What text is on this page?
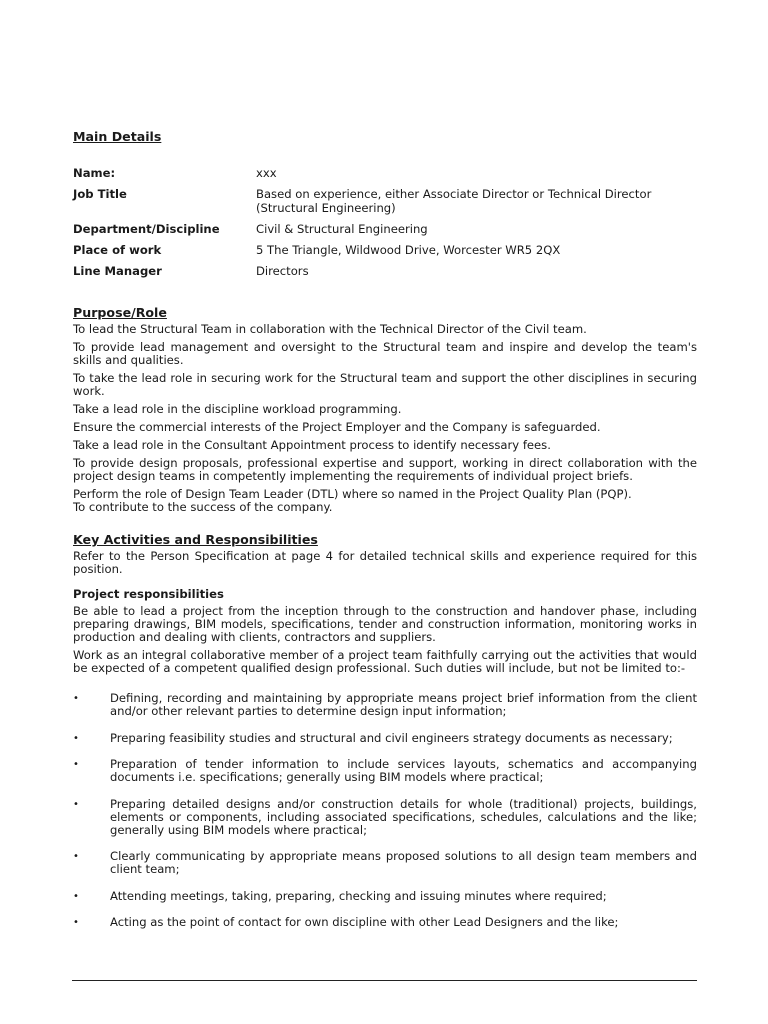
Main Details
Name:	xxx
Job Title	Based on experience, either Associate Director or Technical Director (Structural Engineering)
Department/Discipline	Civil & Structural Engineering
Place of work	5 The Triangle, Wildwood Drive, Worcester WR5 2QX
Line Manager	Directors
Purpose/Role

To lead the Structural Team in collaboration with the Technical Director of the Civil team.

To provide lead management and oversight to the Structural team and inspire and develop the team's skills and qualities.

To take the lead role in securing work for the Structural team and support the other disciplines in securing work.

Take a lead role in the discipline workload programming.

Ensure the commercial interests of the Project Employer and the Company is safeguarded.

Take a lead role in the Consultant Appointment process to identify necessary fees.

To provide design proposals, professional expertise and support, working in direct collaboration with the project design teams in competently implementing the requirements of individual project briefs.

Perform the role of Design Team Leader (DTL) where so named in the Project Quality Plan (PQP).

To contribute to the success of the company.

Key Activities and Responsibilities

Refer to the Person Specification at page 4 for detailed technical skills and experience required for this position.

Project responsibilities

Be able to lead a project from the inception through to the construction and handover phase, including preparing drawings, BIM models, specifications, tender and construction information, monitoring works in production and dealing with clients, contractors and suppliers.

Work as an integral collaborative member of a project team faithfully carrying out the activities that would be expected of a competent qualified design professional. Such duties will include, but not be limited to:-

•	Defining, recording and maintaining by appropriate means project brief information from the client and/or other relevant parties to determine design input information;
•	Preparing feasibility studies and structural and civil engineers strategy documents as necessary;
•	Preparation of tender information to include services layouts, schematics and accompanying documents i.e. specifications; generally using BIM models where practical;
•	Preparing detailed designs and/or construction details for whole (traditional) projects, buildings, elements or components, including associated specifications, schedules, calculations and the like; generally using BIM models where practical;
•	Clearly communicating by appropriate means proposed solutions to all design team members and client team;
•	Attending meetings, taking, preparing, checking and issuing minutes where required;
•	Acting as the point of contact for own discipline with other Lead Designers and the like;
